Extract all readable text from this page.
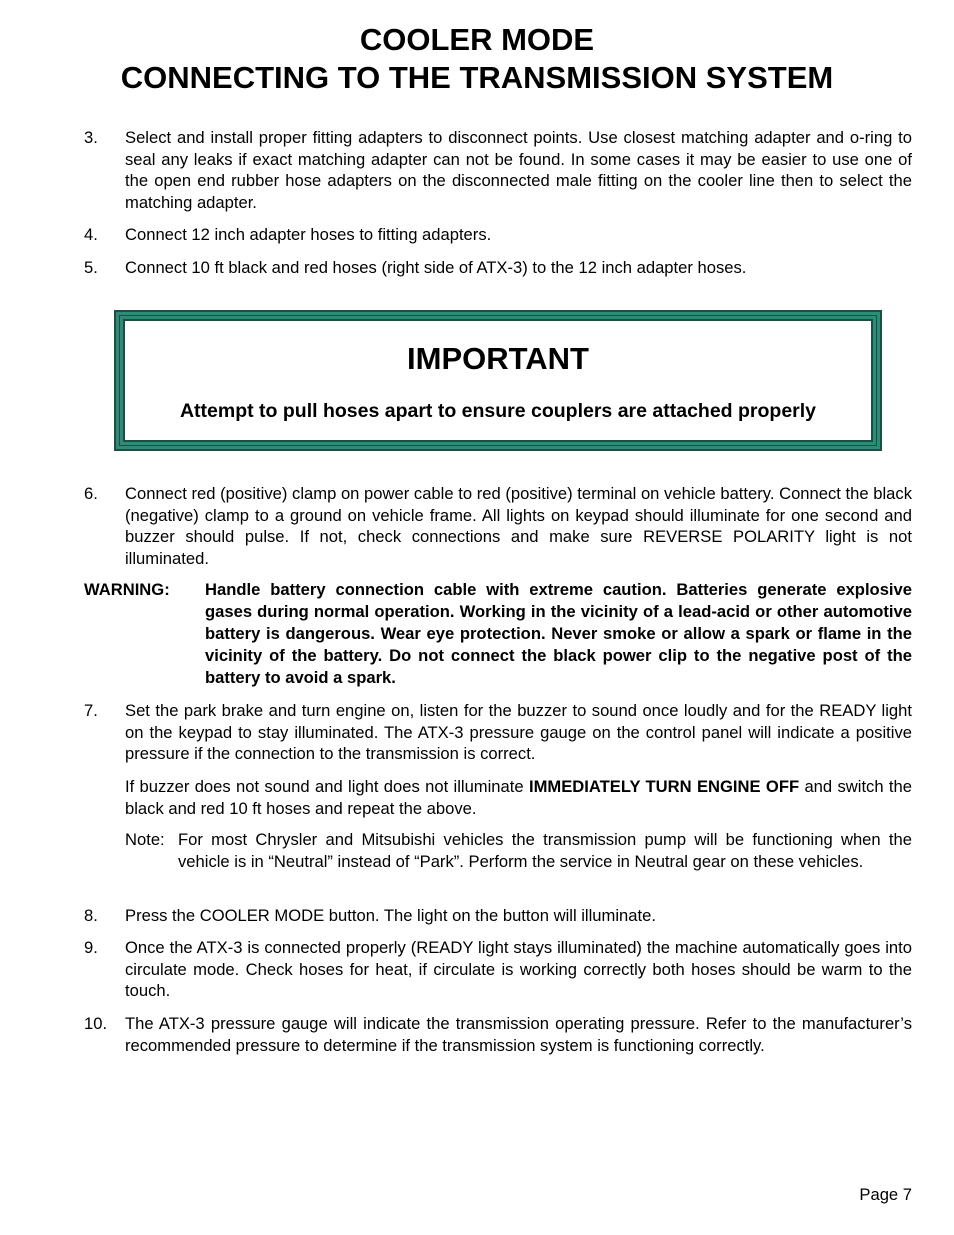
COOLER MODE
CONNECTING TO THE TRANSMISSION SYSTEM
3. Select and install proper fitting adapters to disconnect points. Use closest matching adapter and o-ring to seal any leaks if exact matching adapter can not be found. In some cases it may be easier to use one of the open end rubber hose adapters on the disconnected male fitting on the cooler line then to select the matching adapter.
4. Connect 12 inch adapter hoses to fitting adapters.
5. Connect 10 ft black and red hoses (right side of ATX-3) to the 12 inch adapter hoses.
IMPORTANT
Attempt to pull hoses apart to ensure couplers are attached properly
6. Connect red (positive) clamp on power cable to red (positive) terminal on vehicle battery. Connect the black (negative) clamp to a ground on vehicle frame. All lights on keypad should illuminate for one second and buzzer should pulse. If not, check connections and make sure REVERSE POLARITY light is not illuminated.
WARNING: Handle battery connection cable with extreme caution. Batteries generate explosive gases during normal operation. Working in the vicinity of a lead-acid or other automotive battery is dangerous. Wear eye protection. Never smoke or allow a spark or flame in the vicinity of the battery. Do not connect the black power clip to the negative post of the battery to avoid a spark.
7. Set the park brake and turn engine on, listen for the buzzer to sound once loudly and for the READY light on the keypad to stay illuminated. The ATX-3 pressure gauge on the control panel will indicate a positive pressure if the connection to the transmission is correct.
If buzzer does not sound and light does not illuminate IMMEDIATELY TURN ENGINE OFF and switch the black and red 10 ft hoses and repeat the above.
Note: For most Chrysler and Mitsubishi vehicles the transmission pump will be functioning when the vehicle is in “Neutral” instead of “Park”. Perform the service in Neutral gear on these vehicles.
8. Press the COOLER MODE button. The light on the button will illuminate.
9. Once the ATX-3 is connected properly (READY light stays illuminated) the machine automatically goes into circulate mode. Check hoses for heat, if circulate is working correctly both hoses should be warm to the touch.
10. The ATX-3 pressure gauge will indicate the transmission operating pressure. Refer to the manufacturer’s recommended pressure to determine if the transmission system is functioning correctly.
Page 7
